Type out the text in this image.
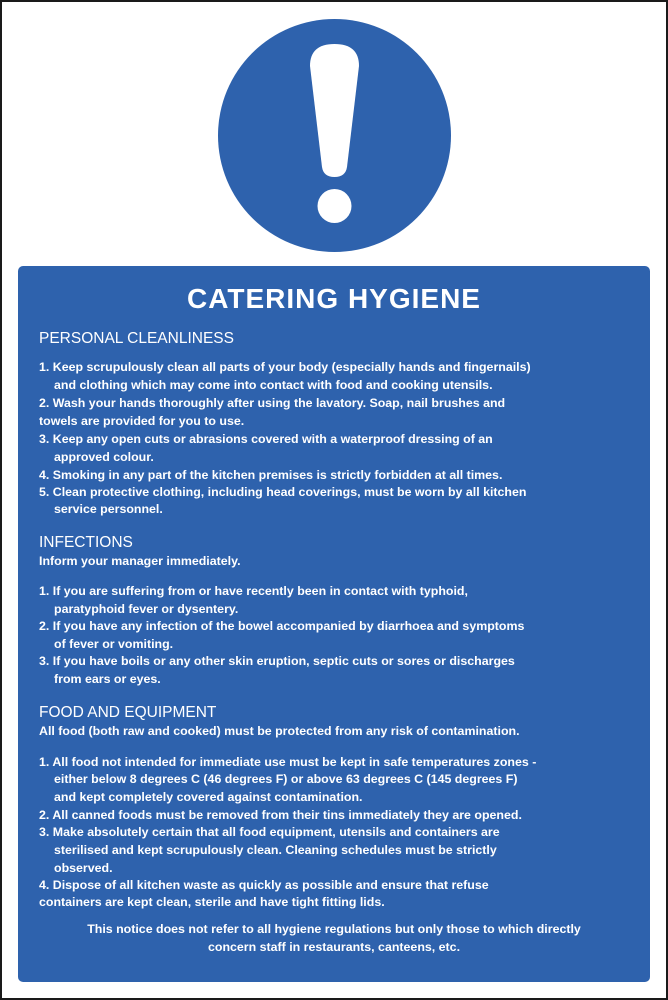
CATERING HYGIENE
PERSONAL CLEANLINESS
1. Keep scrupulously clean all parts of your body (especially hands and fingernails)
and clothing which may come into contact with food and cooking utensils.
2. Wash your hands thoroughly after using the lavatory. Soap, nail brushes and
towels are provided for you to use.
3. Keep any open cuts or abrasions covered with a waterproof dressing of an
approved colour.
4. Smoking in any part of the kitchen premises is strictly forbidden at all times.
5. Clean protective clothing, including head coverings, must be worn by all kitchen
service personnel.
INFECTIONS
Inform your manager immediately.
1. If you are suffering from or have recently been in contact with typhoid,
paratyphoid fever or dysentery.
2. If you have any infection of the bowel accompanied by diarrhoea and symptoms
of fever or vomiting.
3. If you have boils or any other skin eruption, septic cuts or sores or discharges
from ears or eyes.
FOOD AND EQUIPMENT
All food (both raw and cooked) must be protected from any risk of contamination.
1. All food not intended for immediate use must be kept in safe temperatures zones -
either below 8 degrees C (46 degrees F) or above 63 degrees C (145 degrees F)
and kept completely covered against contamination.
2. All canned foods must be removed from their tins immediately they are opened.
3. Make absolutely certain that all food equipment, utensils and containers are
sterilised and kept scrupulously clean. Cleaning schedules must be strictly
observed.
4. Dispose of all kitchen waste as quickly as possible and ensure that refuse
containers are kept clean, sterile and have tight fitting lids.
This notice does not refer to all hygiene regulations but only those to which directly
concern staff in restaurants, canteens, etc.
